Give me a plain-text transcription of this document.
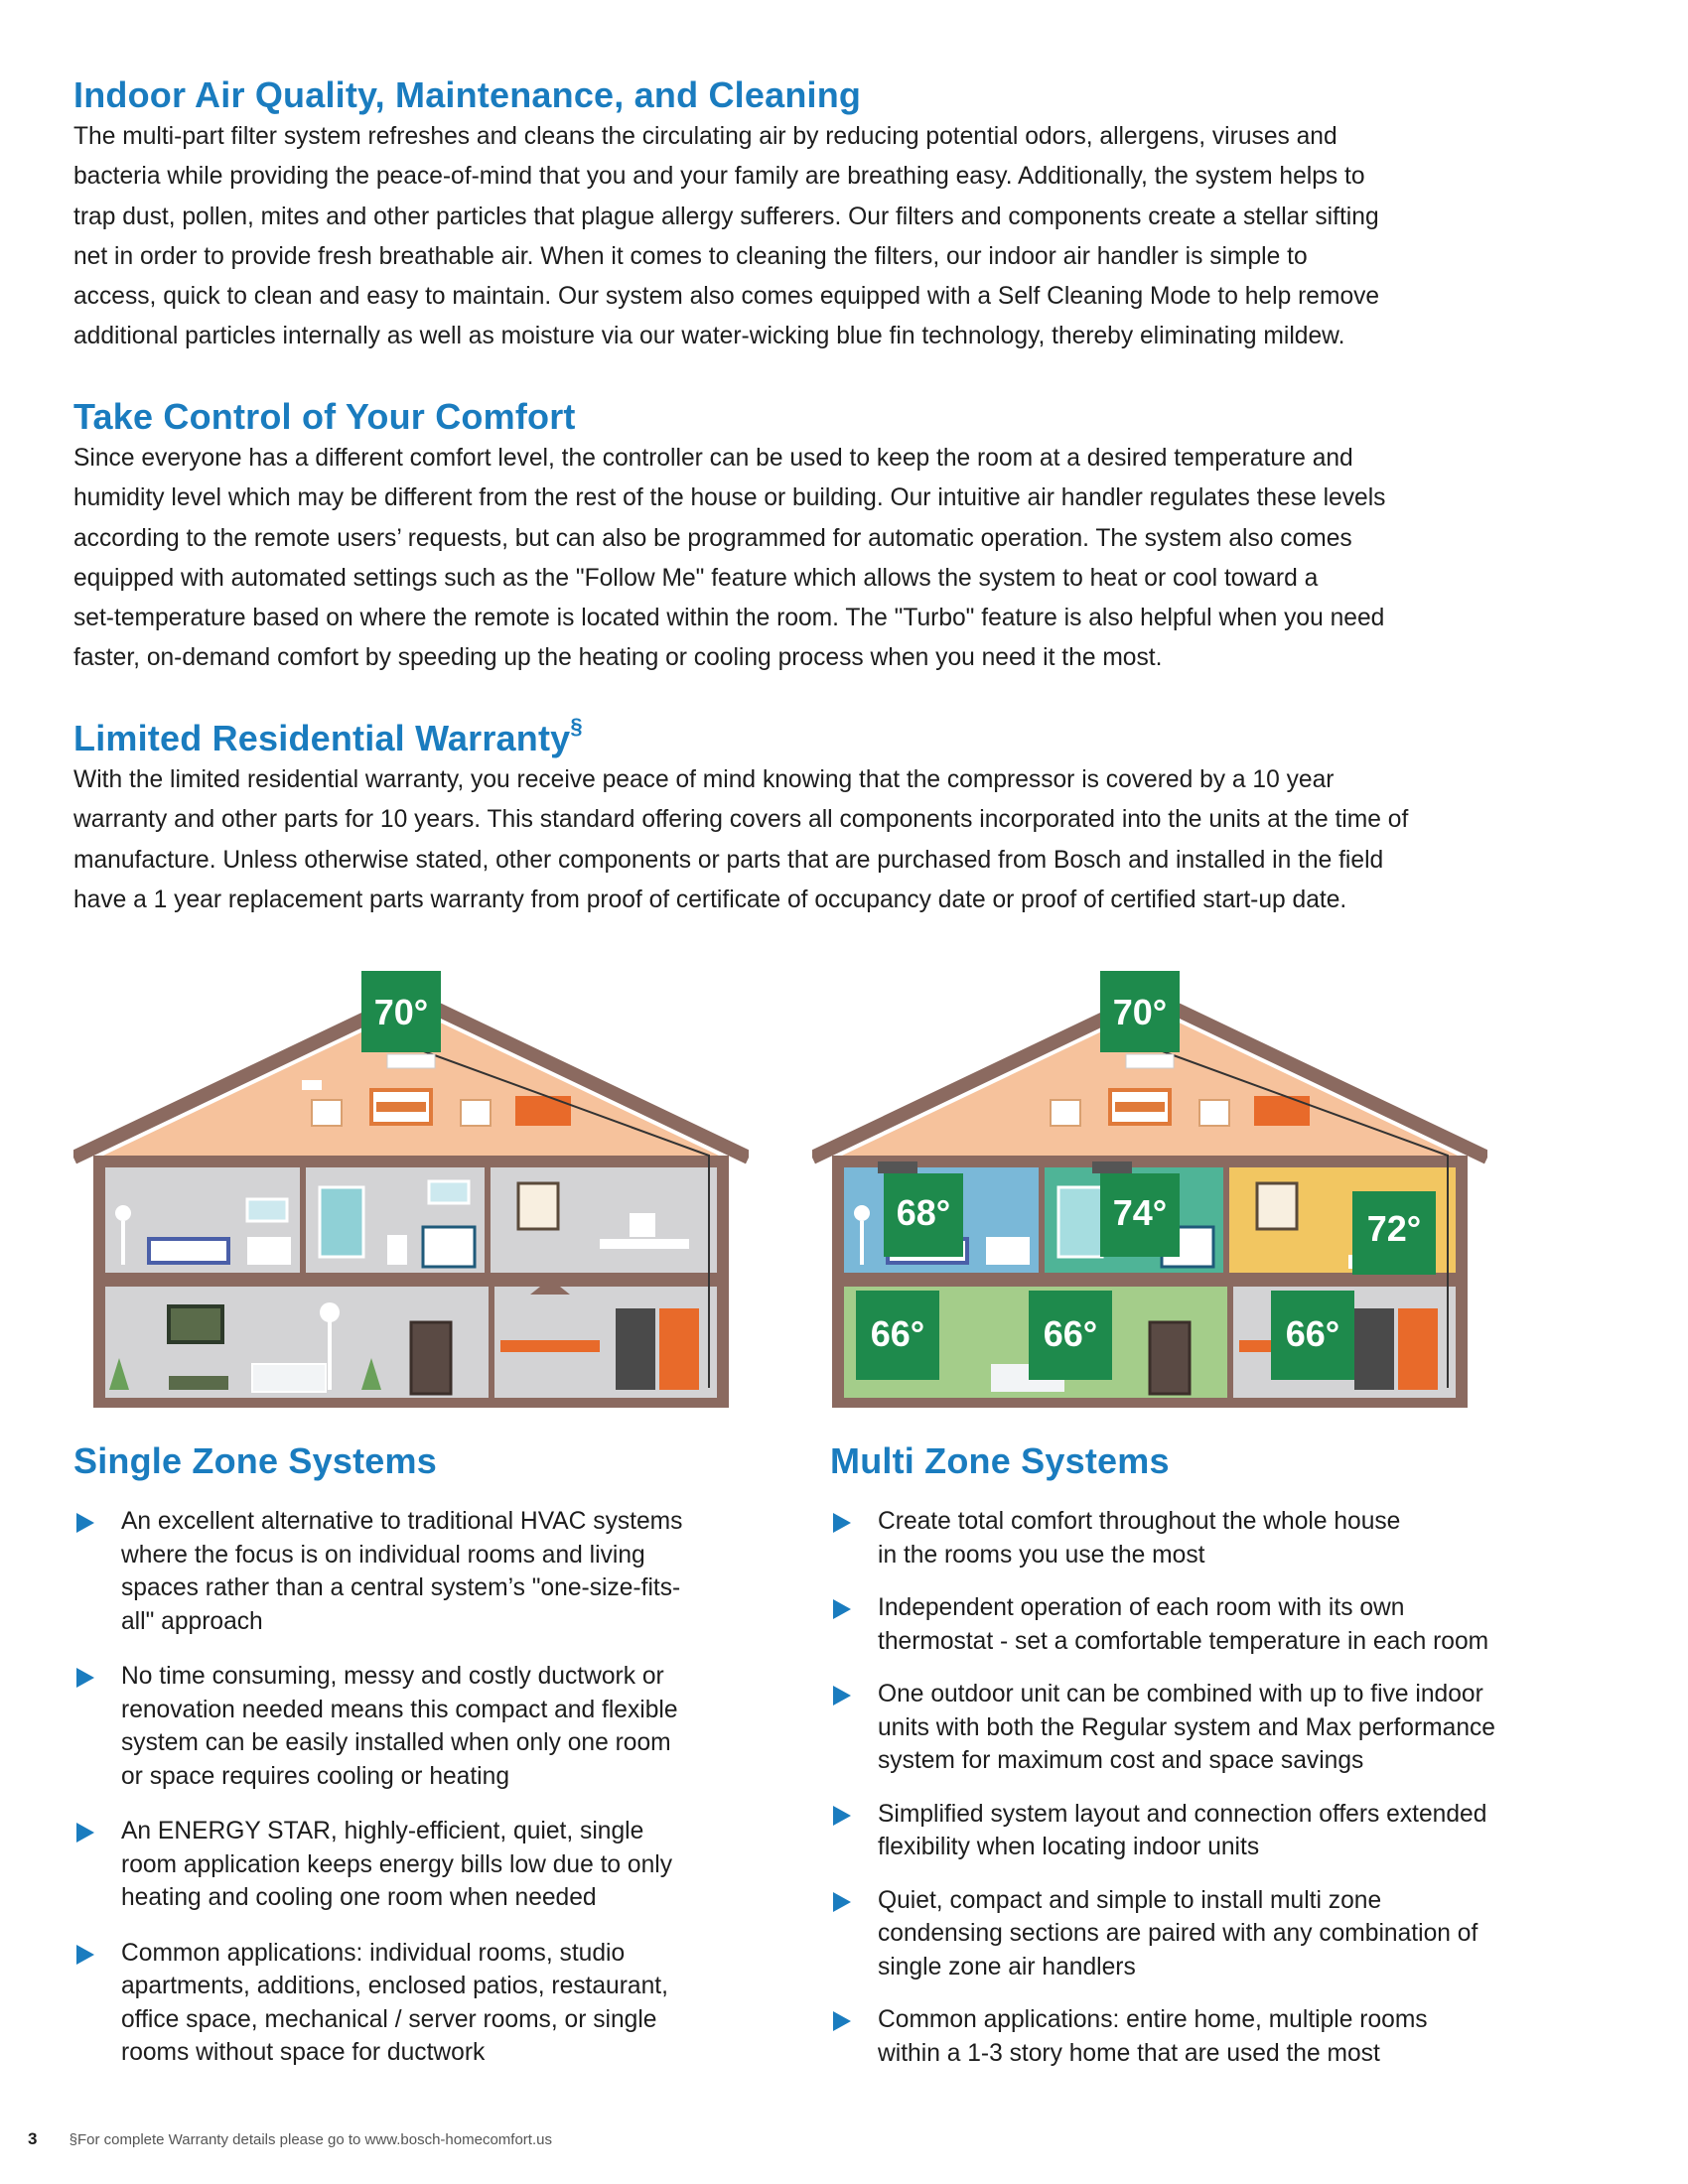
Indoor Air Quality, Maintenance, and Cleaning

The multi-part filter system refreshes and cleans the circulating air by reducing potential odors, allergens, viruses and
bacteria while providing the peace-of-mind that you and your family are breathing easy. Additionally, the system helps to
trap dust, pollen, mites and other particles that plague allergy sufferers. Our filters and components create a stellar sifting
net in order to provide fresh breathable air. When it comes to cleaning the filters, our indoor air handler is simple to
access, quick to clean and easy to maintain. Our system also comes equipped with a Self Cleaning Mode to help remove
additional particles internally as well as moisture via our water-wicking blue fin technology, thereby eliminating mildew.

Take Control of Your Comfort

Since everyone has a different comfort level, the controller can be used to keep the room at a desired temperature and
humidity level which may be different from the rest of the house or building. Our intuitive air handler regulates these levels
according to the remote users’ requests, but can also be programmed for automatic operation. The system also comes
equipped with automated settings such as the "Follow Me" feature which allows the system to heat or cool toward a
set-temperature based on where the remote is located within the room. The "Turbo" feature is also helpful when you need
faster, on-demand comfort by speeding up the heating or cooling process when you need it the most.

Limited Residential Warranty§

With the limited residential warranty, you receive peace of mind knowing that the compressor is covered by a 10 year
warranty and other parts for 10 years. This standard offering covers all components incorporated into the units at the time of
manufacture. Unless otherwise stated, other components or parts that are purchased from Bosch and installed in the field
have a 1 year replacement parts warranty from proof of certificate of occupancy date or proof of certified start-up date.

70°	70°
68°	74°	72°
66°	66°	66°
Single Zone Systems
An excellent alternative to traditional HVAC systems
where the focus is on individual rooms and living
spaces rather than a central system’s "one-size-fits-
all" approach
No time consuming, messy and costly ductwork or
renovation needed means this compact and flexible
system can be easily installed when only one room
or space requires cooling or heating
An ENERGY STAR, highly-efficient, quiet, single
room application keeps energy bills low due to only
heating and cooling one room when needed
Common applications: individual rooms, studio
apartments, additions, enclosed patios, restaurant,
office space, mechanical / server rooms, or single
rooms without space for ductwork
Multi Zone Systems
Create total comfort throughout the whole house
in the rooms you use the most
Independent operation of each room with its own
thermostat - set a comfortable temperature in each room
One outdoor unit can be combined with up to five indoor
units with both the Regular system and Max performance
system for maximum cost and space savings
Simplified system layout and connection offers extended
flexibility when locating indoor units
Quiet, compact and simple to install multi zone
condensing sections are paired with any combination of
single zone air handlers
Common applications: entire home, multiple rooms
within a 1-3 story home that are used the most
3 §For complete Warranty details please go to www.bosch-homecomfort.us
